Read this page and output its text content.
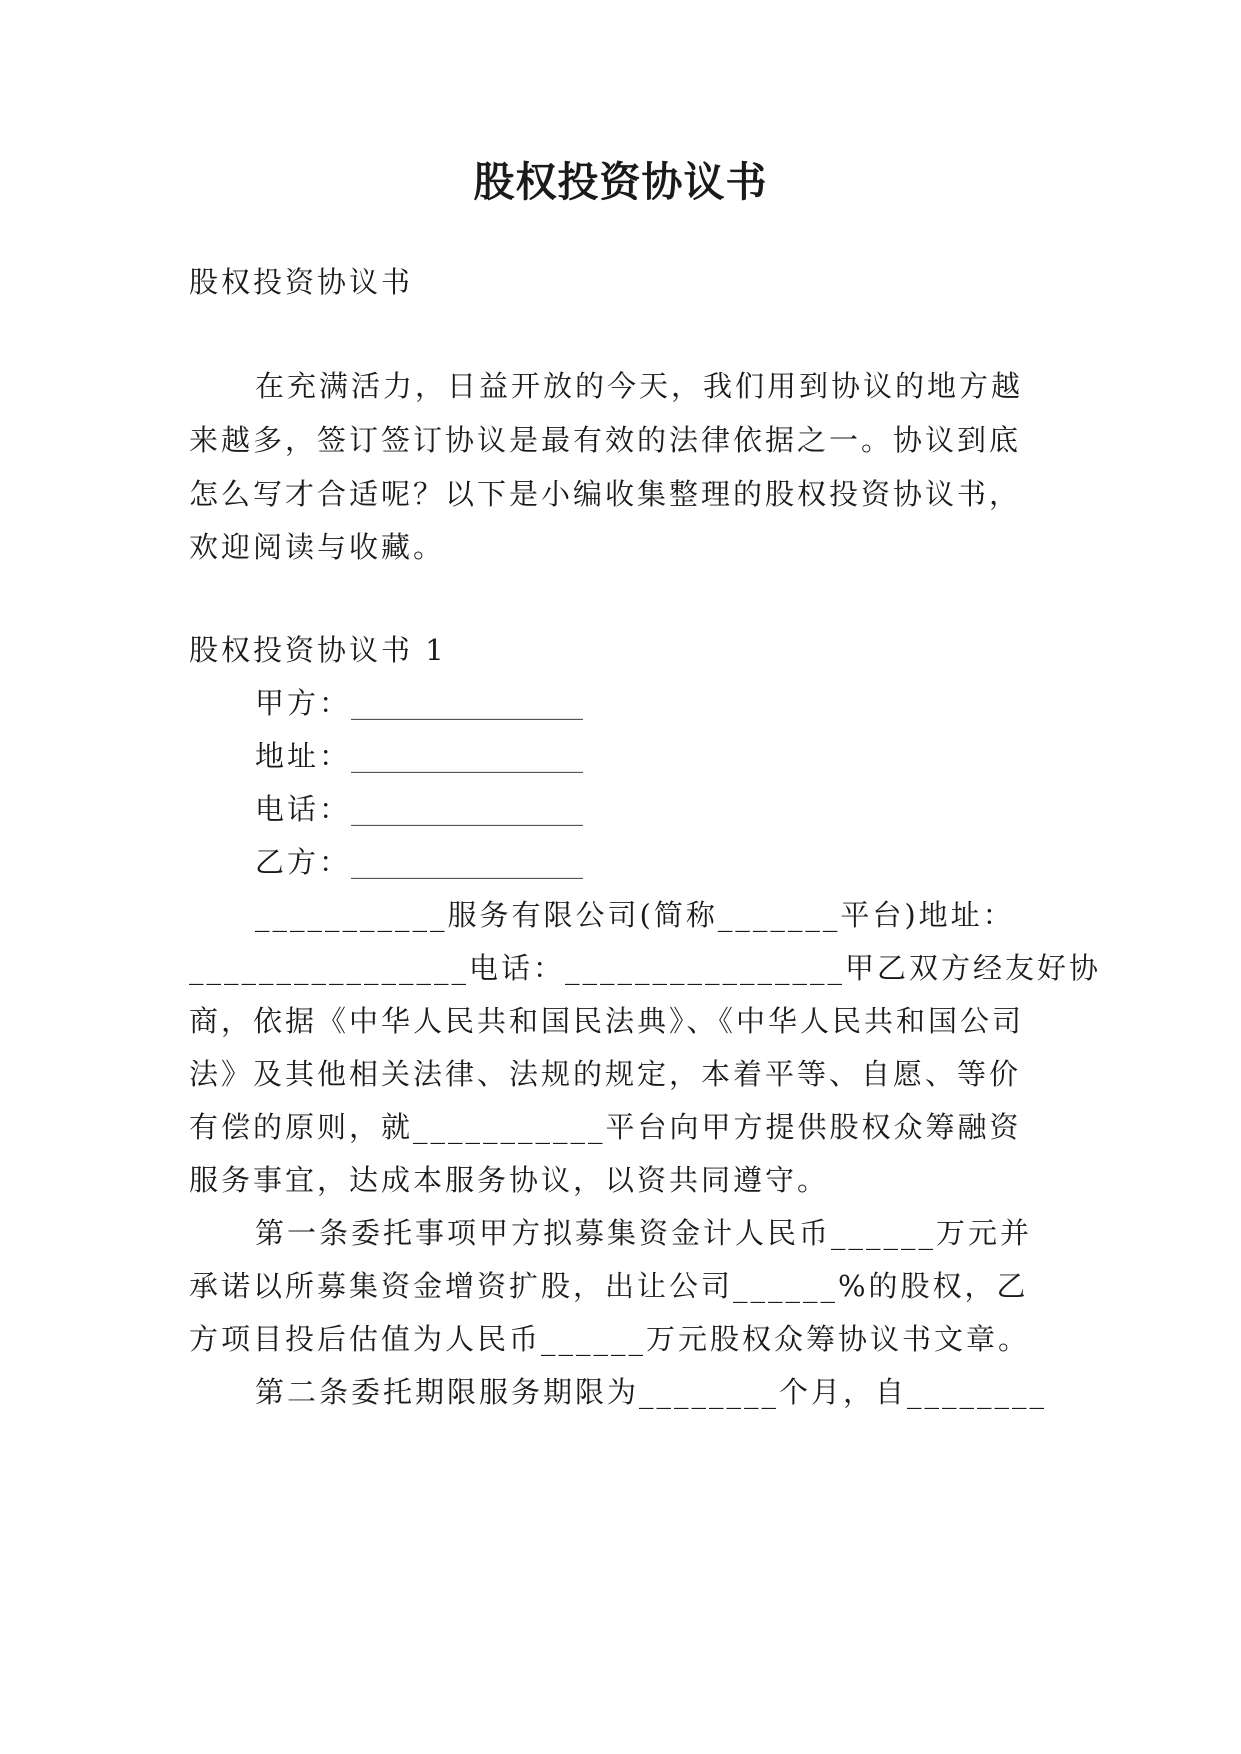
股权投资协议书

股权投资协议书

在充满活力，日益开放的今天，我们用到协议的地方越

来越多，签订签订协议是最有效的法律依据之一。协议到底

怎么写才合适呢？以下是小编收集整理的股权投资协议书，

欢迎阅读与收藏。

股权投资协议书 1

甲方：________________

地址：________________

电话：________________

乙方：________________

___________服务有限公司(简称_______平台)地址：

________________电话：________________甲乙双方经友好协

商，依据《中华人民共和国民法典》、《中华人民共和国公司

法》及其他相关法律、法规的规定，本着平等、自愿、等价

有偿的原则，就___________平台向甲方提供股权众筹融资

服务事宜，达成本服务协议，以资共同遵守。

第一条委托事项甲方拟募集资金计人民币______万元并

承诺以所募集资金增资扩股，出让公司______%的股权，乙

方项目投后估值为人民币______万元股权众筹协议书文章。

第二条委托期限服务期限为________个月，自________
